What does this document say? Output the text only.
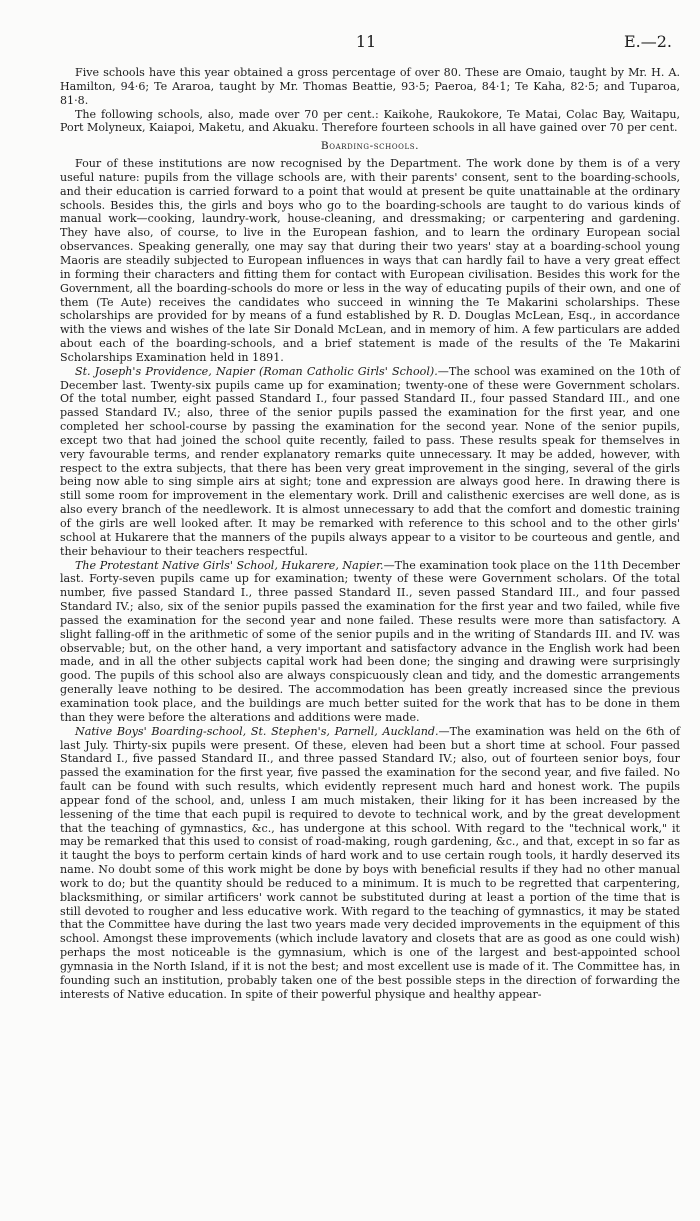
11	E.—2.

Five schools have this year obtained a gross percentage of over 80. These are Omaio, taught by Mr. H. A. Hamilton, 94·6; Te Araroa, taught by Mr. Thomas Beattie, 93·5; Paeroa, 84·1; Te Kaha, 82·5; and Tuparoa, 81·8.

The following schools, also, made over 70 per cent.: Kaikohe, Raukokore, Te Matai, Colac Bay, Waitapu, Port Molyneux, Kaiapoi, Maketu, and Akuaku. Therefore fourteen schools in all have gained over 70 per cent.

Boarding-schools.

Four of these institutions are now recognised by the Department. The work done by them is of a very useful nature: pupils from the village schools are, with their parents' consent, sent to the boarding-schools, and their education is carried forward to a point that would at present be quite unattainable at the ordinary schools. Besides this, the girls and boys who go to the boarding-schools are taught to do various kinds of manual work—cooking, laundry-work, house-cleaning, and dressmaking; or carpentering and gardening. They have also, of course, to live in the European fashion, and to learn the ordinary European social observances. Speaking generally, one may say that during their two years' stay at a boarding-school young Maoris are steadily subjected to European influences in ways that can hardly fail to have a very great effect in forming their characters and fitting them for contact with European civilisation. Besides this work for the Government, all the boarding-schools do more or less in the way of educating pupils of their own, and one of them (Te Aute) receives the candidates who succeed in winning the Te Makarini scholarships. These scholarships are provided for by means of a fund established by R. D. Douglas McLean, Esq., in accordance with the views and wishes of the late Sir Donald McLean, and in memory of him. A few particulars are added about each of the boarding-schools, and a brief statement is made of the results of the Te Makarini Scholarships Examination held in 1891.

St. Joseph's Providence, Napier (Roman Catholic Girls' School).—The school was examined on the 10th of December last. Twenty-six pupils came up for examination; twenty-one of these were Government scholars. Of the total number, eight passed Standard I., four passed Standard II., four passed Standard III., and one passed Standard IV.; also, three of the senior pupils passed the examination for the first year, and one completed her school-course by passing the examination for the second year. None of the senior pupils, except two that had joined the school quite recently, failed to pass. These results speak for themselves in very favourable terms, and render explanatory remarks quite unnecessary. It may be added, however, with respect to the extra subjects, that there has been very great improvement in the singing, several of the girls being now able to sing simple airs at sight; tone and expression are always good here. In drawing there is still some room for improvement in the elementary work. Drill and calisthenic exercises are well done, as is also every branch of the needlework. It is almost unnecessary to add that the comfort and domestic training of the girls are well looked after. It may be remarked with reference to this school and to the other girls' school at Hukarere that the manners of the pupils always appear to a visitor to be courteous and gentle, and their behaviour to their teachers respectful.

The Protestant Native Girls' School, Hukarere, Napier.—The examination took place on the 11th December last. Forty-seven pupils came up for examination; twenty of these were Government scholars. Of the total number, five passed Standard I., three passed Standard II., seven passed Standard III., and four passed Standard IV.; also, six of the senior pupils passed the examination for the first year and two failed, while five passed the examination for the second year and none failed. These results were more than satisfactory. A slight falling-off in the arithmetic of some of the senior pupils and in the writing of Standards III. and IV. was observable; but, on the other hand, a very important and satisfactory advance in the English work had been made, and in all the other subjects capital work had been done; the singing and drawing were surprisingly good. The pupils of this school also are always conspicuously clean and tidy, and the domestic arrangements generally leave nothing to be desired. The accommodation has been greatly increased since the previous examination took place, and the buildings are much better suited for the work that has to be done in them than they were before the alterations and additions were made.

Native Boys' Boarding-school, St. Stephen's, Parnell, Auckland.—The examination was held on the 6th of last July. Thirty-six pupils were present. Of these, eleven had been but a short time at school. Four passed Standard I., five passed Standard II., and three passed Standard IV.; also, out of fourteen senior boys, four passed the examination for the first year, five passed the examination for the second year, and five failed. No fault can be found with such results, which evidently represent much hard and honest work. The pupils appear fond of the school, and, unless I am much mistaken, their liking for it has been increased by the lessening of the time that each pupil is required to devote to technical work, and by the great development that the teaching of gymnastics, &c., has undergone at this school. With regard to the "technical work," it may be remarked that this used to consist of road-making, rough gardening, &c., and that, except in so far as it taught the boys to perform certain kinds of hard work and to use certain rough tools, it hardly deserved its name. No doubt some of this work might be done by boys with beneficial results if they had no other manual work to do; but the quantity should be reduced to a minimum. It is much to be regretted that carpentering, blacksmithing, or similar artificers' work cannot be substituted during at least a portion of the time that is still devoted to rougher and less educative work. With regard to the teaching of gymnastics, it may be stated that the Committee have during the last two years made very decided improvements in the equipment of this school. Amongst these improvements (which include lavatory and closets that are as good as one could wish) perhaps the most noticeable is the gymnasium, which is one of the largest and best-appointed school gymnasia in the North Island, if it is not the best; and most excellent use is made of it. The Committee has, in founding such an institution, probably taken one of the best possible steps in the direction of forwarding the interests of Native education. In spite of their powerful physique and healthy appear-
